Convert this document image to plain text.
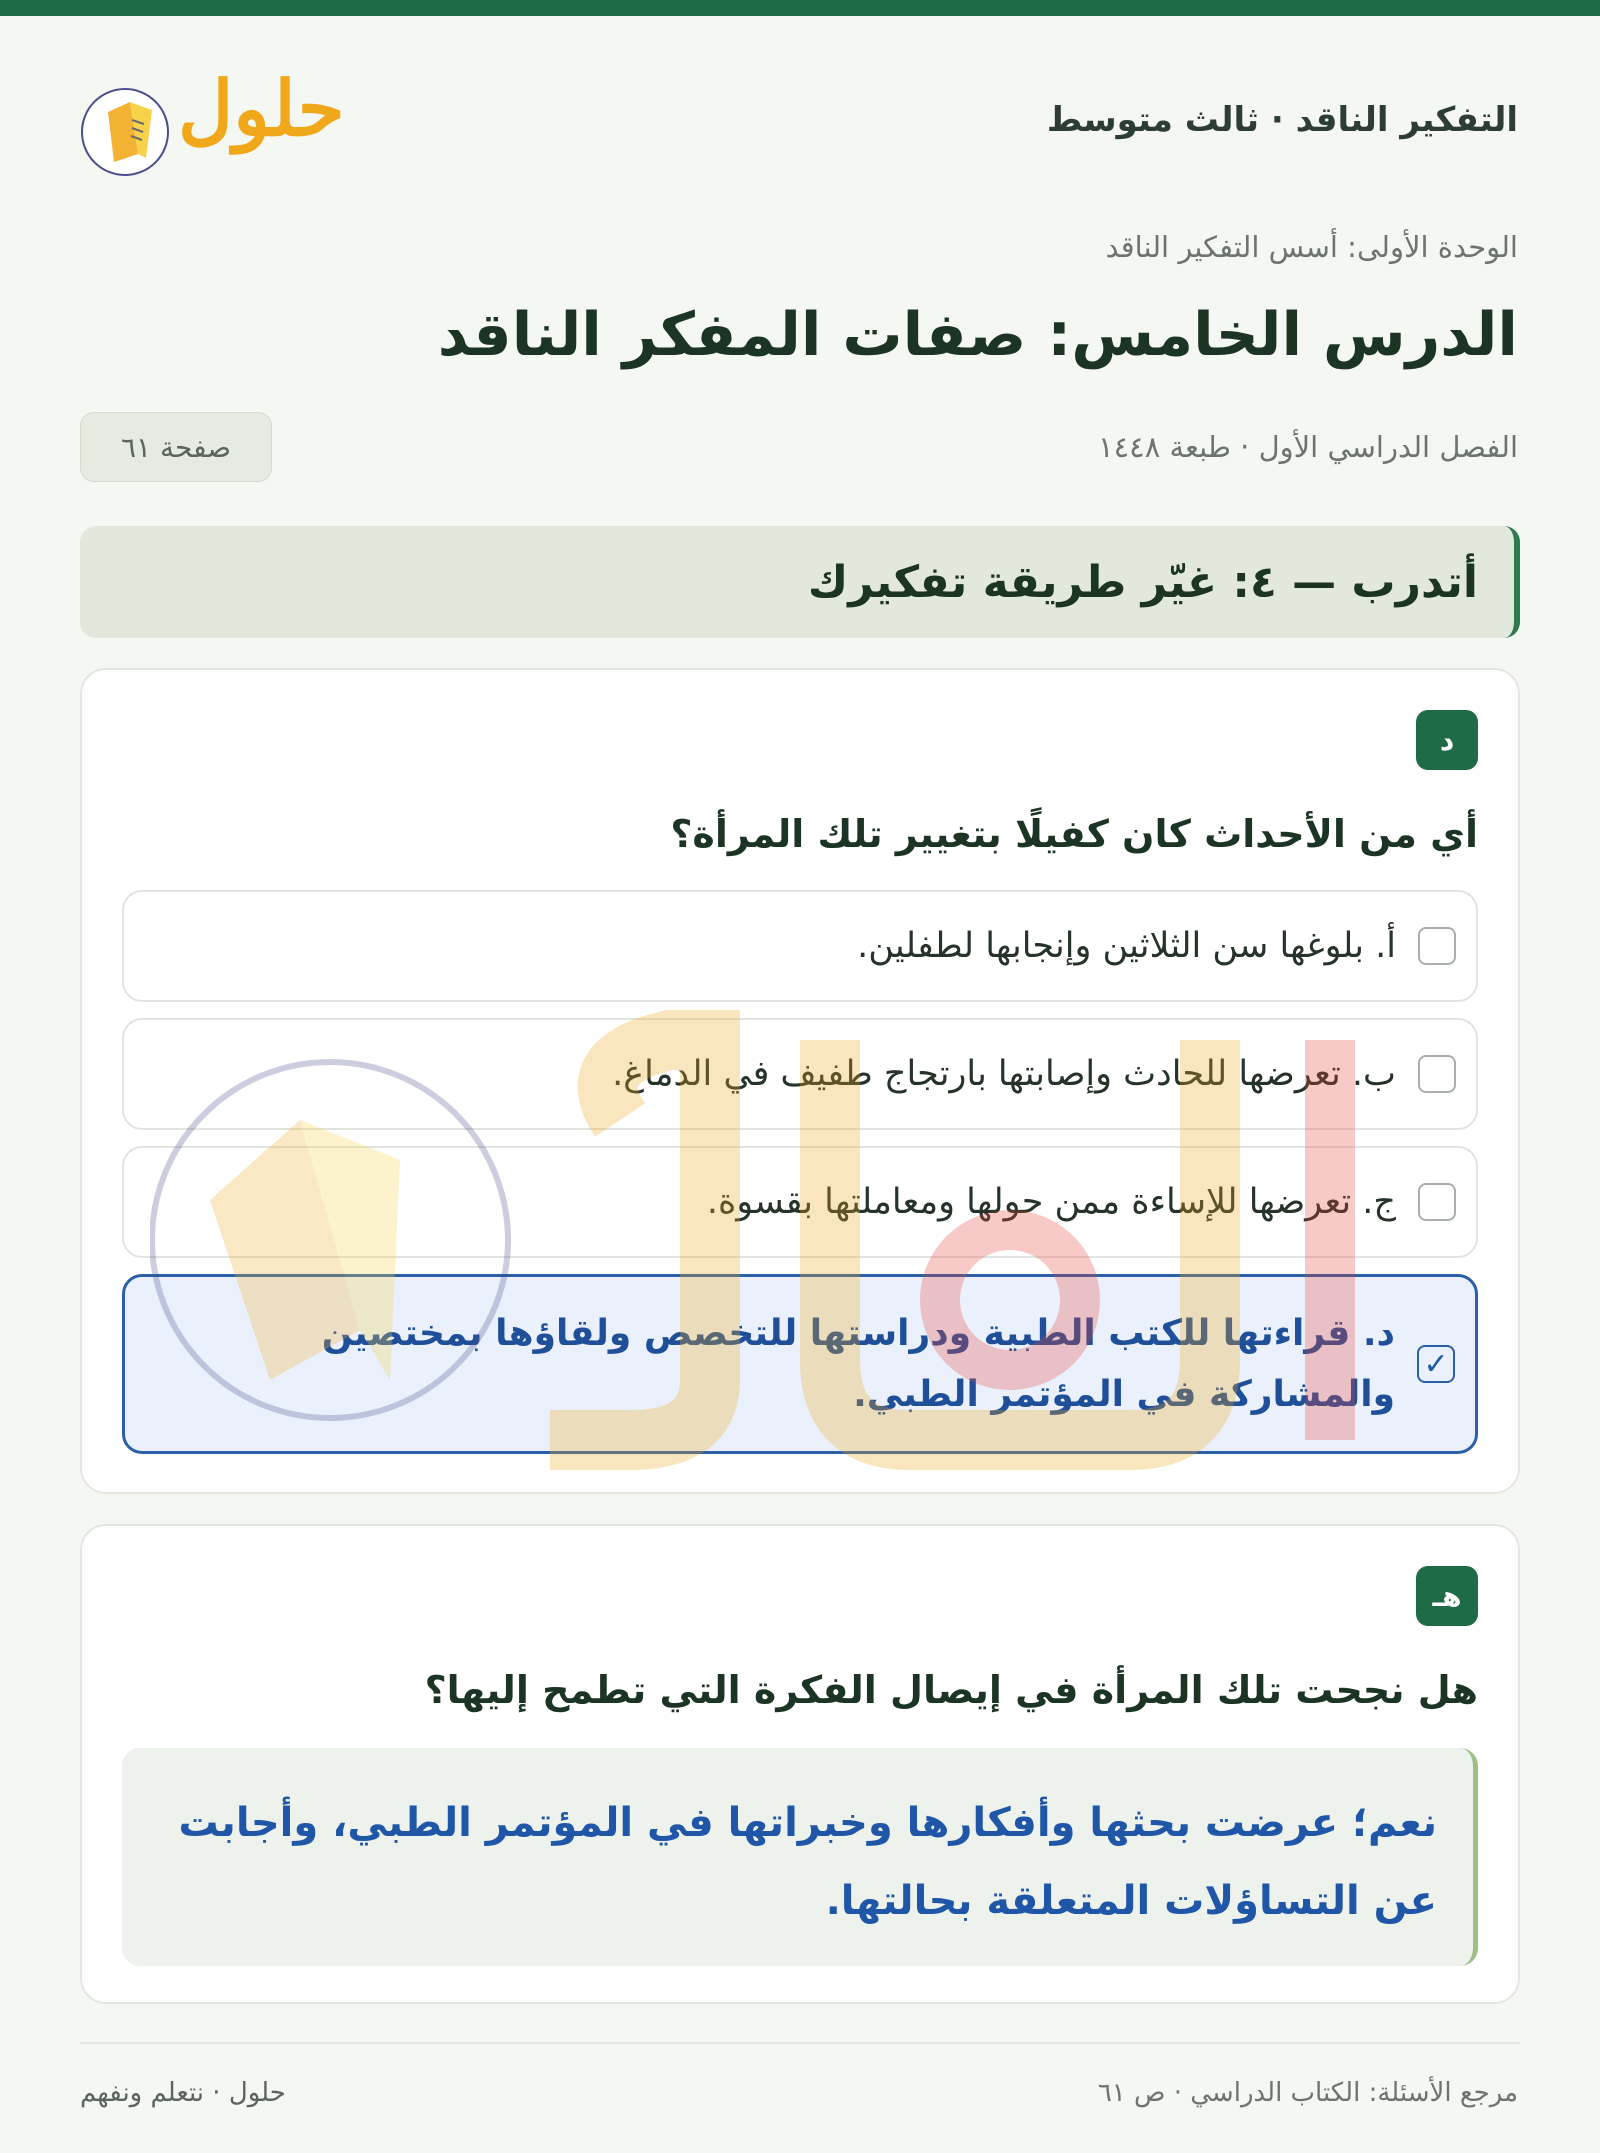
حلول	التفكير الناقد · ثالث متوسط
الوحدة الأولى: أسس التفكير الناقد
الدرس الخامس: صفات المفكر الناقد
الفصل الدراسي الأول · طبعة ١٤٤٨
صفحة ٦١
أتدرب — ٤: غيّر طريقة تفكيرك
د
أي من الأحداث كان كفيلًا بتغيير تلك المرأة؟
أ. بلوغها سن الثلاثين وإنجابها لطفلين.
ب. تعرضها للحادث وإصابتها بارتجاج طفيف في الدماغ.
ج. تعرضها للإساءة ممن حولها ومعاملتها بقسوة.
✓
د. قراءتها للكتب الطبية ودراستها للتخصص ولقاؤها بمختصين والمشاركة في المؤتمر الطبي.
هـ
هل نجحت تلك المرأة في إيصال الفكرة التي تطمح إليها؟

نعم؛ عرضت بحثها وأفكارها وخبراتها في المؤتمر الطبي، وأجابت عن التساؤلات المتعلقة بحالتها.

مرجع الأسئلة: الكتاب الدراسي · ص ٦١
حلول · نتعلم ونفهم
